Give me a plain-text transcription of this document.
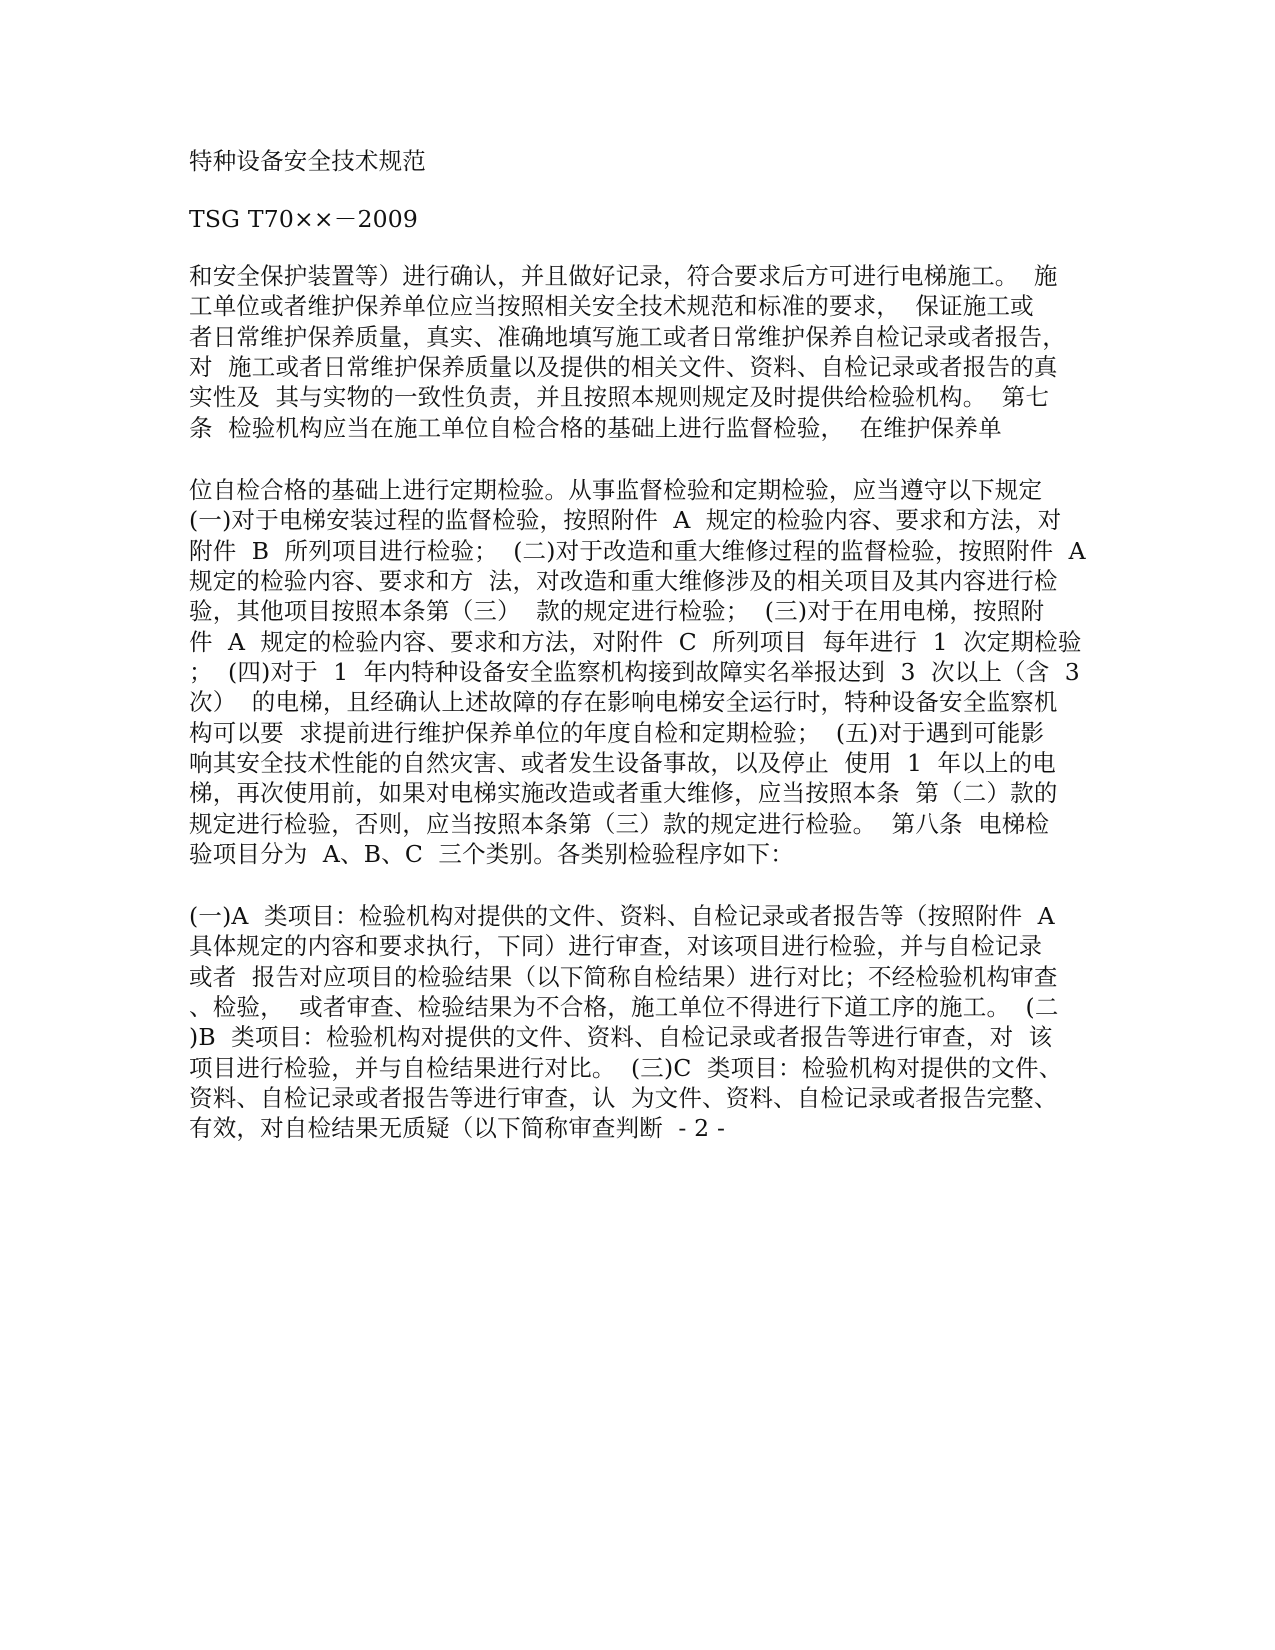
特种设备安全技术规范
TSG T70××－2009
和安全保护装置等）进行确认，并且做好记录，符合要求后方可进行电梯施工。  施
工单位或者维护保养单位应当按照相关安全技术规范和标准的要求，  保证施工或
者日常维护保养质量，真实、准确地填写施工或者日常维护保养自检记录或者报告，
对  施工或者日常维护保养质量以及提供的相关文件、资料、自检记录或者报告的真
实性及  其与实物的一致性负责，并且按照本规则规定及时提供给检验机构。  第七
条  检验机构应当在施工单位自检合格的基础上进行监督检验，  在维护保养单
位自检合格的基础上进行定期检验。从事监督检验和定期检验，应当遵守以下规定
(一)对于电梯安装过程的监督检验，按照附件  A  规定的检验内容、要求和方法，对
附件  B  所列项目进行检验；  (二)对于改造和重大维修过程的监督检验，按照附件  A
规定的检验内容、要求和方  法，对改造和重大维修涉及的相关项目及其内容进行检
验，其他项目按照本条第（三）  款的规定进行检验；  (三)对于在用电梯，按照附
件  A  规定的检验内容、要求和方法，对附件  C  所列项目  每年进行  1  次定期检验
；  (四)对于  1  年内特种设备安全监察机构接到故障实名举报达到  3  次以上（含  3
次）  的电梯，且经确认上述故障的存在影响电梯安全运行时，特种设备安全监察机
构可以要  求提前进行维护保养单位的年度自检和定期检验；  (五)对于遇到可能影
响其安全技术性能的自然灾害、或者发生设备事故，以及停止  使用  1  年以上的电
梯，再次使用前，如果对电梯实施改造或者重大维修，应当按照本条  第（二）款的
规定进行检验，否则，应当按照本条第（三）款的规定进行检验。  第八条  电梯检
验项目分为  A、B、C  三个类别。各类别检验程序如下：
(一)A  类项目：检验机构对提供的文件、资料、自检记录或者报告等（按照附件  A
具体规定的内容和要求执行，下同）进行审查，对该项目进行检验，并与自检记录
或者  报告对应项目的检验结果（以下简称自检结果）进行对比；不经检验机构审查
、检验，  或者审查、检验结果为不合格，施工单位不得进行下道工序的施工。  (二
)B  类项目：检验机构对提供的文件、资料、自检记录或者报告等进行审查，对  该
项目进行检验，并与自检结果进行对比。  (三)C  类项目：检验机构对提供的文件、
资料、自检记录或者报告等进行审查，认  为文件、资料、自检记录或者报告完整、
有效，对自检结果无质疑（以下简称审查判断  - 2 -
